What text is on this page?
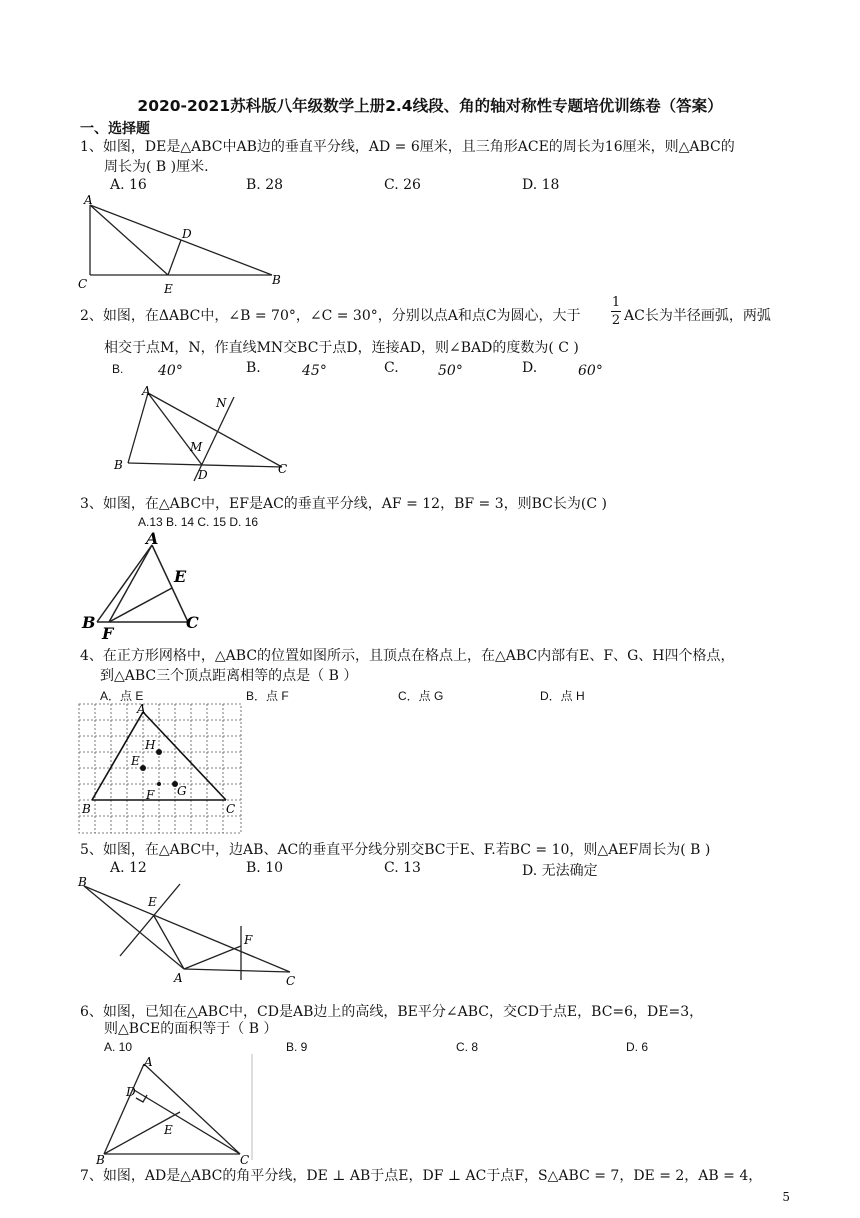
2020-2021苏科版八年级数学上册2.4线段、角的轴对称性专题培优训练卷（答案）
一、选择题
1、如图，DE是△ABC中AB边的垂直平分线，AD = 6厘米，且三角形ACE的周长为16厘米，则△ABC的
周长为( B )厘米.
A. 16	B. 28	C. 26	D. 18
A
D
C	E
B
2、如图，在ΔABC中，∠B = 70°，∠C = 30°，分别以点A和点C为圆心，大于 $\frac{1}{2}$ AC长为半径画弧，两弧
相交于点M，N，作直线MN交BC于点D，连接AD，则∠BAD的度数为( C )
B. 40°	B.	45°	C.	50°	D.	60°
A
N
M
B
D	C
3、如图，在△ABC中，EF是AC的垂直平分线，AF = 12，BF = 3，则BC长为(C )
A.13 B. 14 C. 15 D. 16
A
E
B
F
C
4、在正方形网格中，△ABC的位置如图所示，且顶点在格点上，在△ABC内部有E、F、G、H四个格点，
到△ABC三个顶点距离相等的点是（ B ）
A．点 E	B．点 F	C．点 G	D．点 H
A
H
E
F G
B	C
5、如图，在△ABC中，边AB、AC的垂直平分线分别交BC于E、F.若BC = 10，则△AEF周长为( B )
A. 12	B. 10	C. 13	D. 无法确定
B
E
F
A	C
6、如图，已知在△ABC中，CD是AB边上的高线，BE平分∠ABC，交CD于点E，BC=6，DE=3，
则△BCE的面积等于（ B ）
A. 10	B. 9	C. 8	D. 6
A
D
E
B	C
7、如图，AD是△ABC的角平分线，DE ⊥ AB于点E，DF ⊥ AC于点F，S△ABC = 7，DE = 2，AB = 4，
5
